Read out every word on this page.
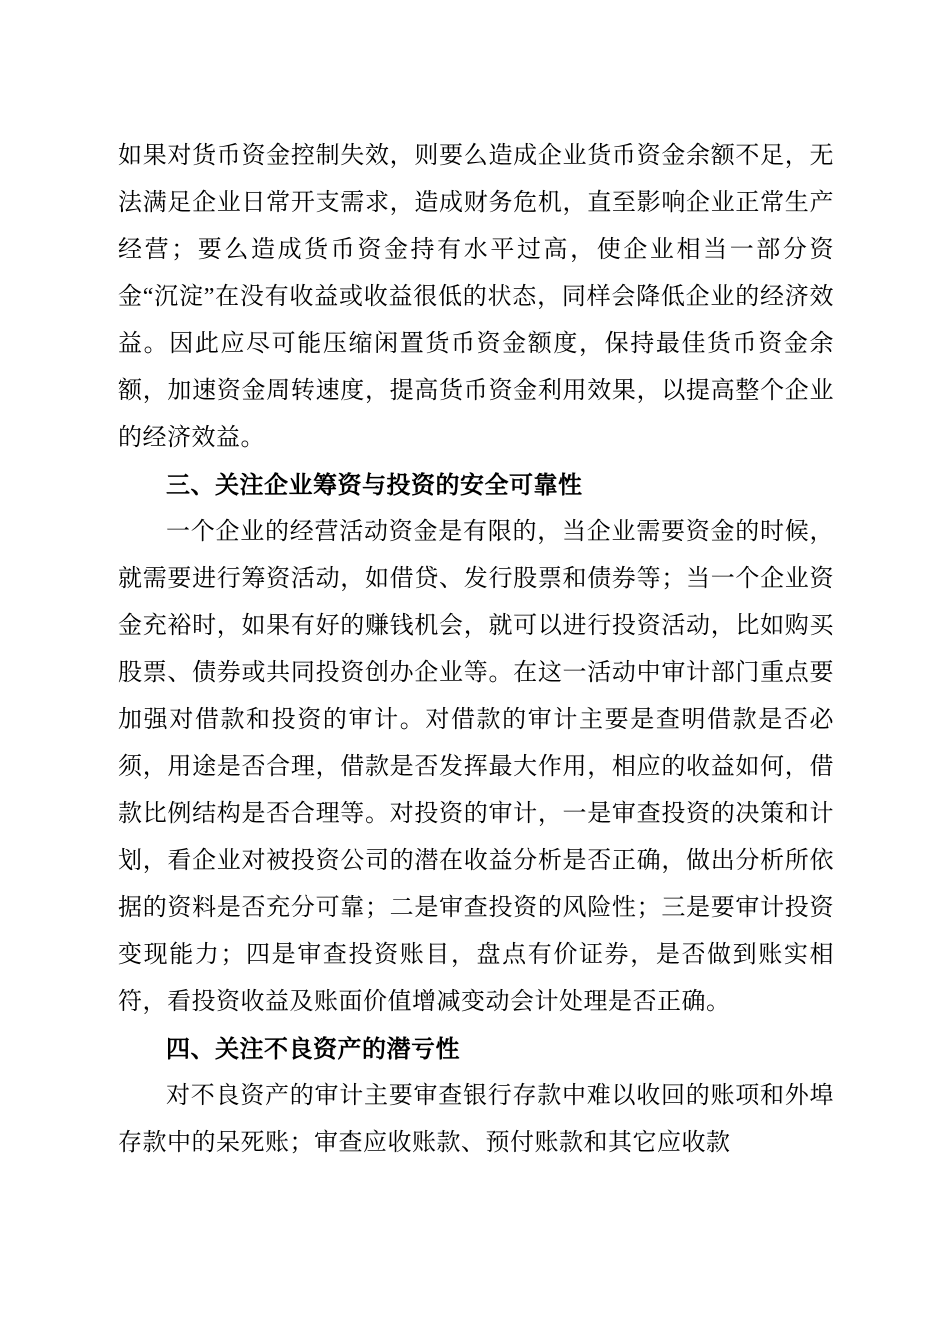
如果对货币资金控制失效，则要么造成企业货币资金余额不足，无法满足企业日常开支需求，造成财务危机，直至影响企业正常生产经营；要么造成货币资金持有水平过高，使企业相当一部分资金“沉淀”在没有收益或收益很低的状态，同样会降低企业的经济效益。因此应尽可能压缩闲置货币资金额度，保持最佳货币资金余额，加速资金周转速度，提高货币资金利用效果，以提高整个企业的经济效益。

三、关注企业筹资与投资的安全可靠性

一个企业的经营活动资金是有限的，当企业需要资金的时候，就需要进行筹资活动，如借贷、发行股票和债券等；当一个企业资金充裕时，如果有好的赚钱机会，就可以进行投资活动，比如购买股票、债券或共同投资创办企业等。在这一活动中审计部门重点要加强对借款和投资的审计。对借款的审计主要是查明借款是否必须，用途是否合理，借款是否发挥最大作用，相应的收益如何，借款比例结构是否合理等。对投资的审计，一是审查投资的决策和计划，看企业对被投资公司的潜在收益分析是否正确，做出分析所依据的资料是否充分可靠；二是审查投资的风险性；三是要审计投资变现能力；四是审查投资账目，盘点有价证券，是否做到账实相符，看投资收益及账面价值增减变动会计处理是否正确。

四、关注不良资产的潜亏性

对不良资产的审计主要审查银行存款中难以收回的账项和外埠存款中的呆死账；审查应收账款、预付账款和其它应收款
